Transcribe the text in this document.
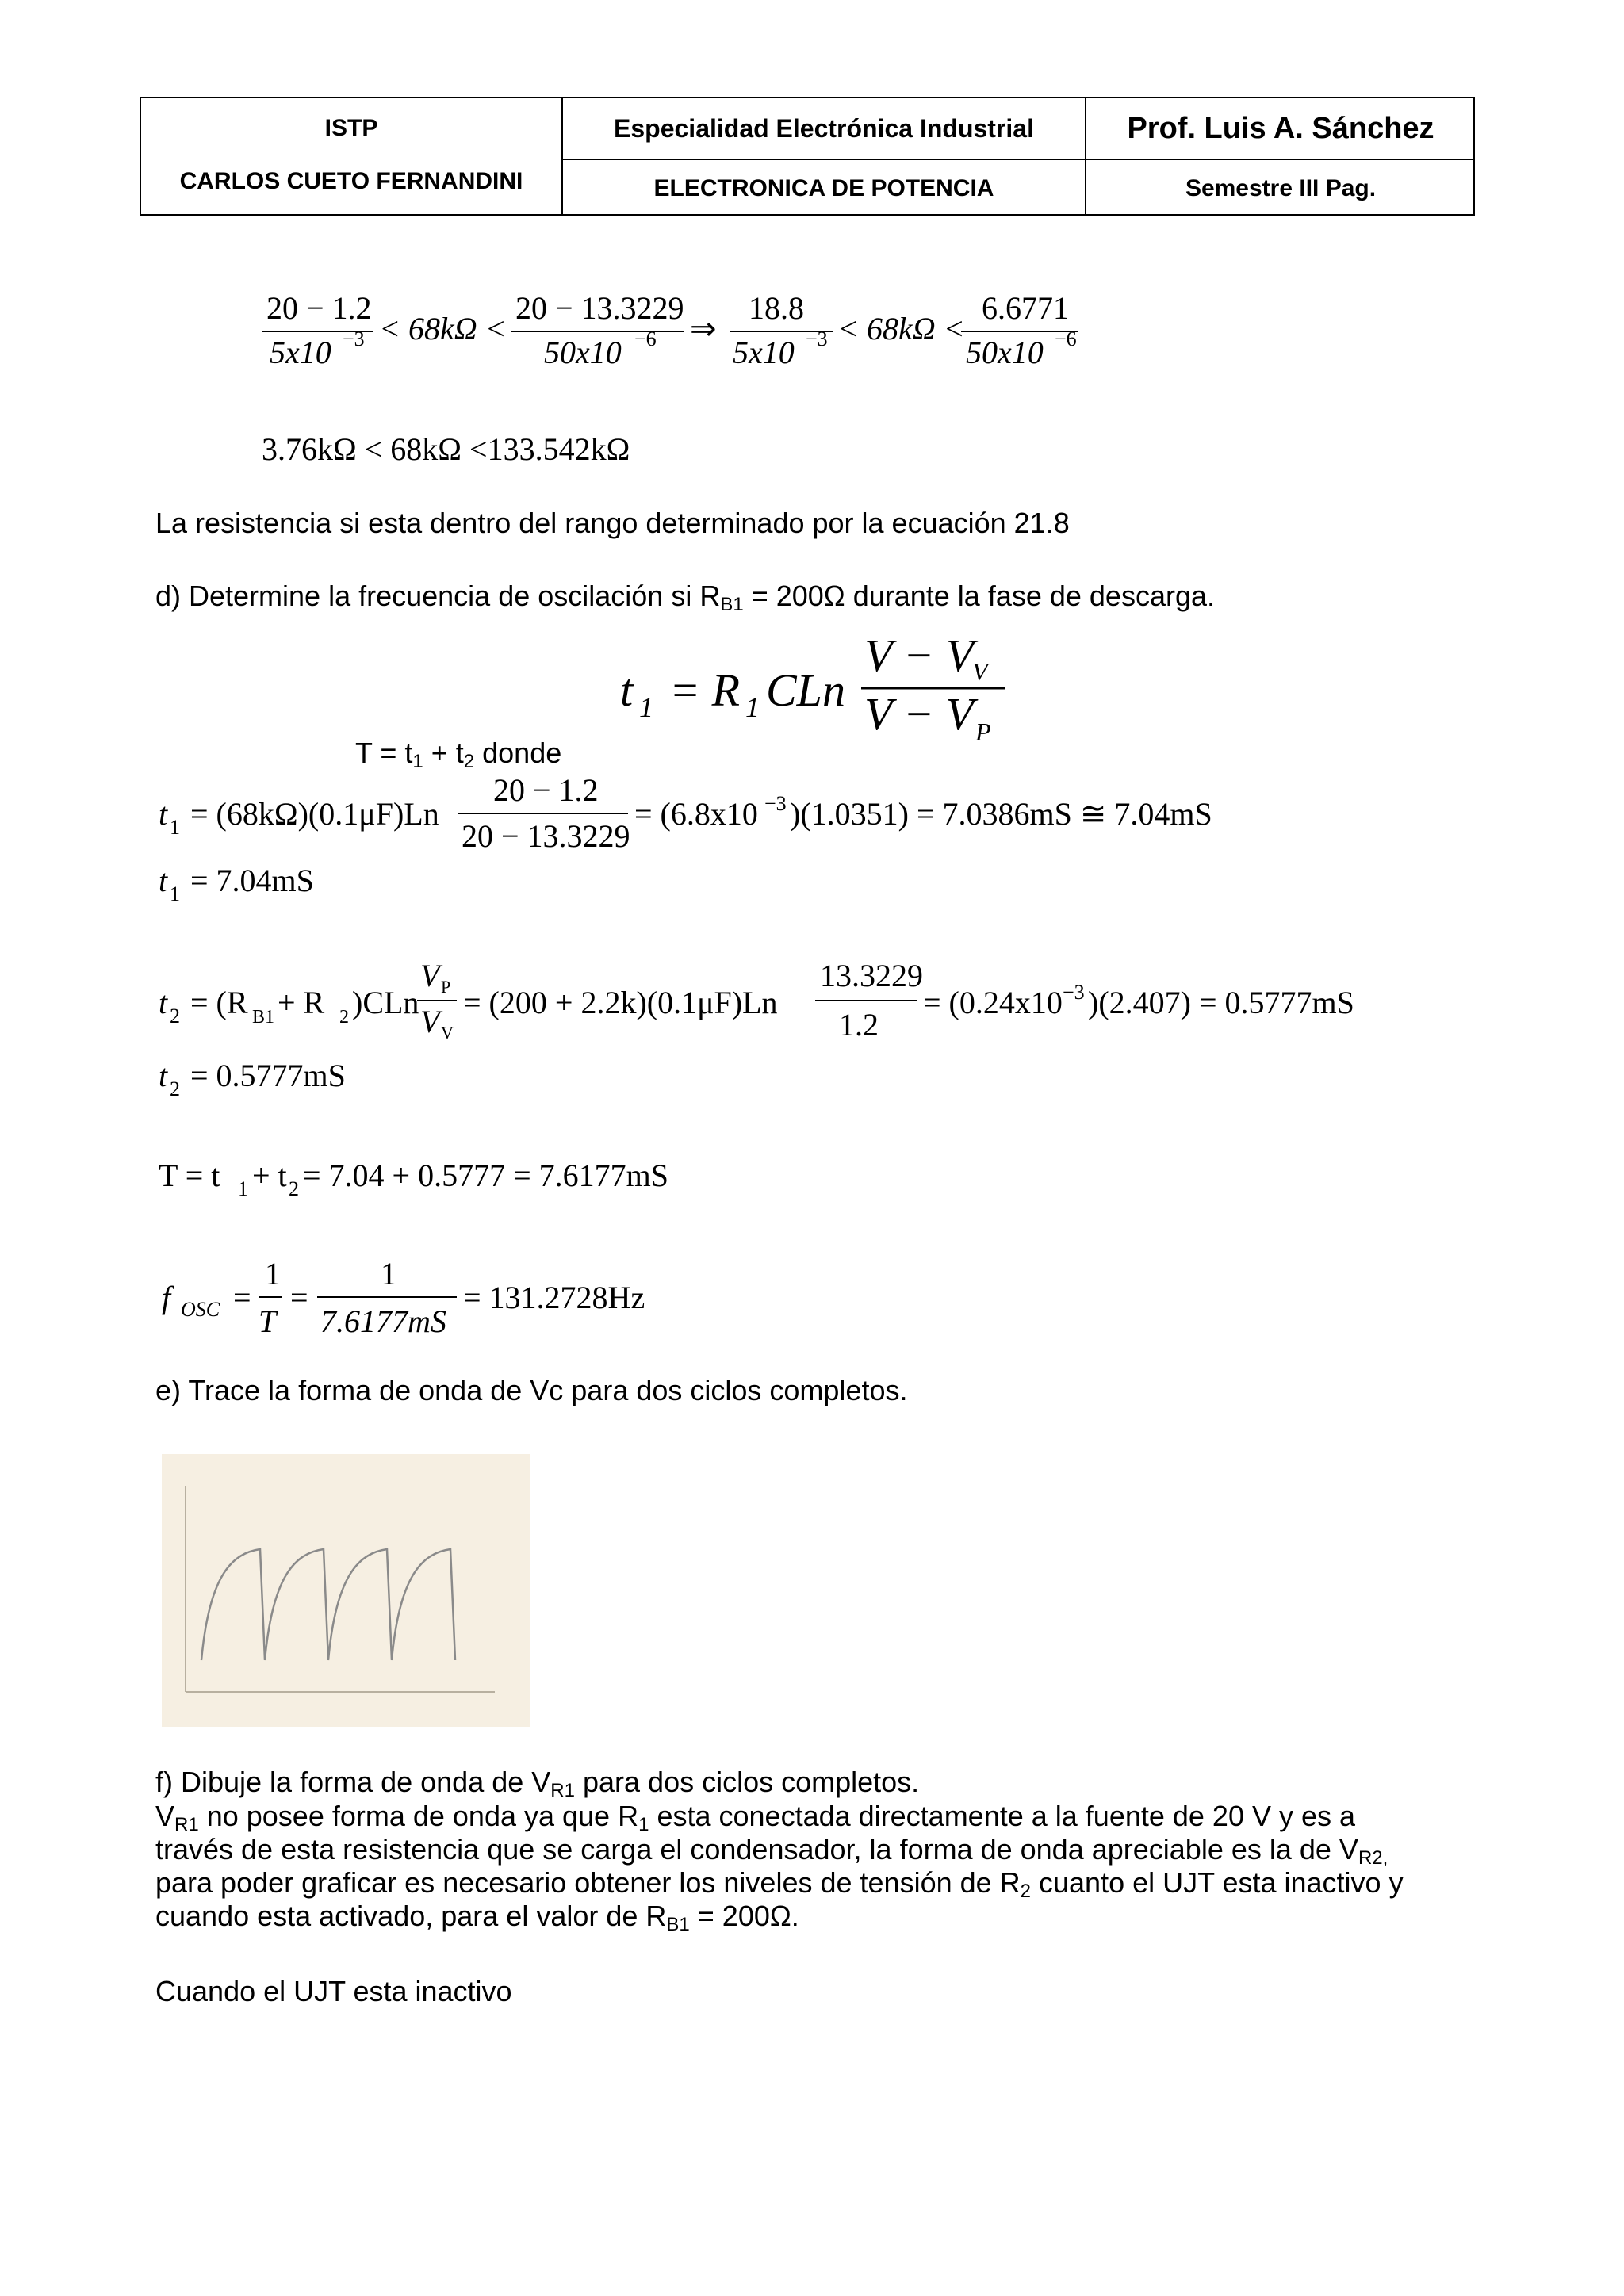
ISTP
CARLOS CUETO FERNANDINI
Especialidad Electrónica Industrial
ELECTRONICA DE POTENCIA
Prof. Luis A. Sánchez
Semestre III Pag.
20 − 1.2
5x10 −3 < 68kΩ <
20 − 13.3229
50x10 −6 ⇒
18.8
5x10 −3 < 68kΩ <
6.6771
50x10 −6
3.76kΩ < 68kΩ <133.542kΩ
t 1 = R 1 CLn
V − V
V
V − V P
t 1 = (68kΩ)(0.1μF)Ln
20 − 1.2
20 − 13.3229
= (6.8x10 −3 )(1.0351) = 7.0386mS ≅ 7.04mS
t 1 = 7.04mS
t 2 = (R B1 + R 2 )CLn
V P
V V
= (200 + 2.2k)(0.1μF)Ln
13.3229
1.2
= (0.24x10 −3 )(2.407) = 0.5777mS
t 2 = 0.5777mS
T = t 1 + t 2 = 7.04 + 0.5777 = 7.6177mS
f OSC =
1
T
=
1
7.6177mS
= 131.2728Hz
La resistencia si esta dentro del rango determinado por la ecuación 21.8
d) Determine la frecuencia de oscilación si $R_{B1} = 200\Omega$ durante la fase de descarga.
$T = t_1 + t_2$ donde
e) Trace la forma de onda de Vc para dos ciclos completos.
f) Dibuje la forma de onda de $V_{R1}$ para dos ciclos completos.
$V_{R1}$ no posee forma de onda ya que $R_1$ esta conectada directamente a la fuente de 20 V y es a través de esta resistencia que se carga el condensador, la forma de onda apreciable es la de $V_{R2,}$ para poder graficar es necesario obtener los niveles de tensión de $R_2$ cuanto el UJT esta inactivo y cuando esta activado, para el valor de $R_{B1} = 200\Omega$.
Cuando el UJT esta inactivo
